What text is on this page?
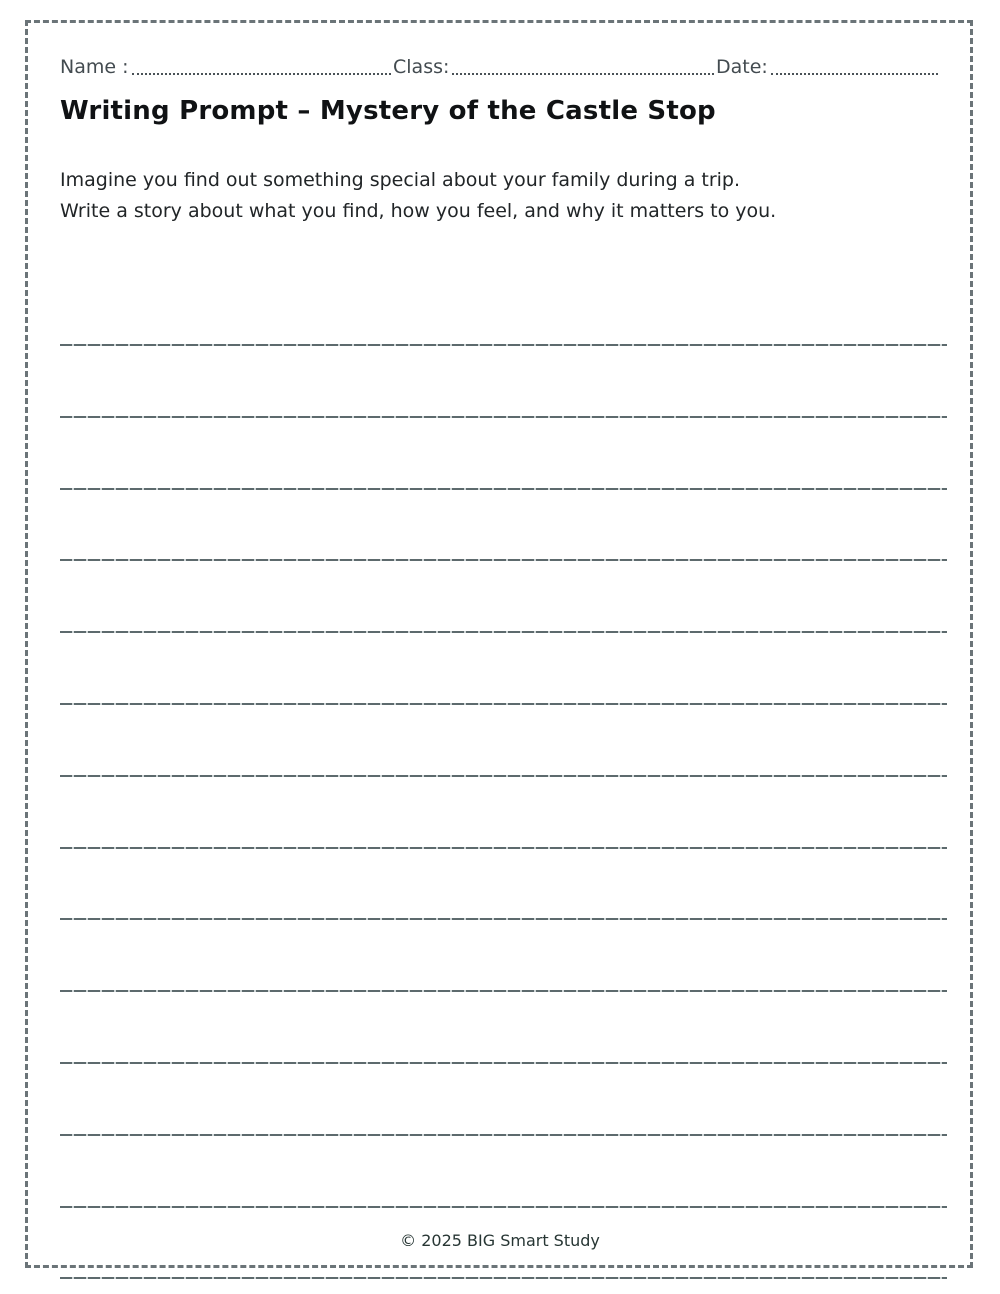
Name :	Class:	Date:
Writing Prompt – Mystery of the Castle Stop
Imagine you find out something special about your family during a trip.
Write a story about what you find, how you feel, and why it matters to you.
© 2025 BIG Smart Study
